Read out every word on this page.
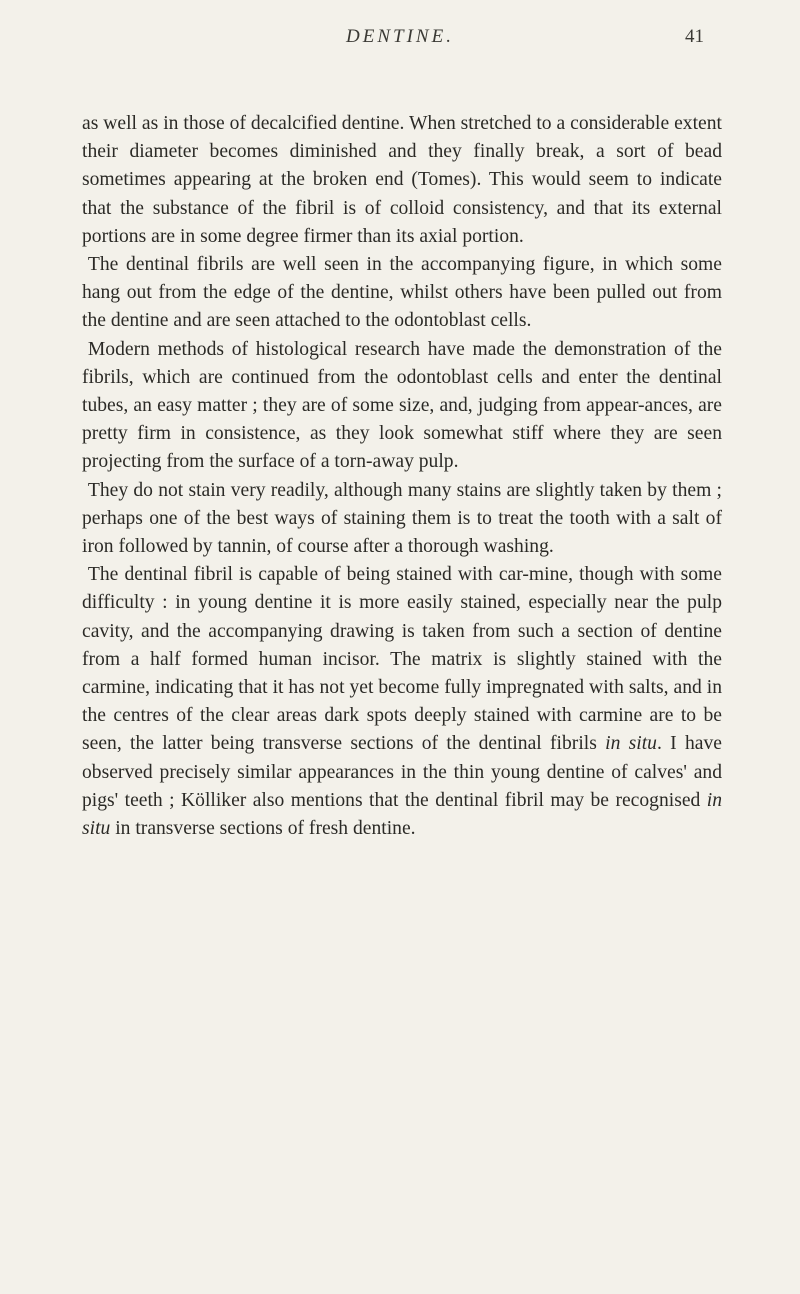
DENTINE.	41

as well as in those of decalcified dentine. When stretched to a considerable extent their diameter becomes diminished and they finally break, a sort of bead sometimes appearing at the broken end (Tomes). This would seem to indicate that the substance of the fibril is of colloid consistency, and that its external portions are in some degree firmer than its axial portion.

The dentinal fibrils are well seen in the accompanying figure, in which some hang out from the edge of the dentine, whilst others have been pulled out from the dentine and are seen attached to the odontoblast cells.

Modern methods of histological research have made the demonstration of the fibrils, which are continued from the odontoblast cells and enter the dentinal tubes, an easy matter ; they are of some size, and, judging from appear-ances, are pretty firm in consistence, as they look somewhat stiff where they are seen projecting from the surface of a torn-away pulp.

They do not stain very readily, although many stains are slightly taken by them ; perhaps one of the best ways of staining them is to treat the tooth with a salt of iron followed by tannin, of course after a thorough washing.

The dentinal fibril is capable of being stained with car-mine, though with some difficulty : in young dentine it is more easily stained, especially near the pulp cavity, and the accompanying drawing is taken from such a section of dentine from a half formed human incisor. The matrix is slightly stained with the carmine, indicating that it has not yet become fully impregnated with salts, and in the centres of the clear areas dark spots deeply stained with carmine are to be seen, the latter being transverse sections of the dentinal fibrils in situ. I have observed precisely similar appearances in the thin young dentine of calves' and pigs' teeth ; Kölliker also mentions that the dentinal fibril may be recognised in situ in transverse sections of fresh dentine.
